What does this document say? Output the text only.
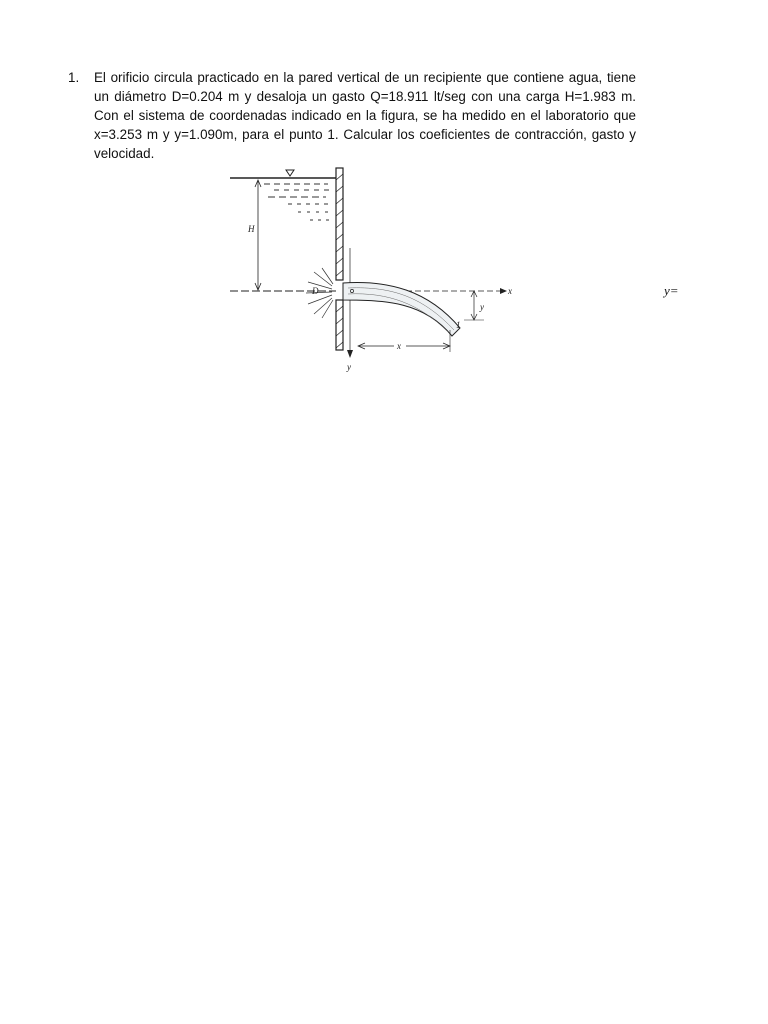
1. El orificio circula practicado en la pared vertical de un recipiente que contiene agua, tiene un diámetro D=0.204 m y desaloja un gasto Q=18.911 lt/seg con una carga H=1.983 m. Con el sistema de coordenadas indicado en la figura, se ha medido en el laboratorio que x=3.253 m y y=1.090m, para el punto 1. Calcular los coeficientes de contracción, gasto y velocidad.
H
D
y
x
1
y
x
y=
